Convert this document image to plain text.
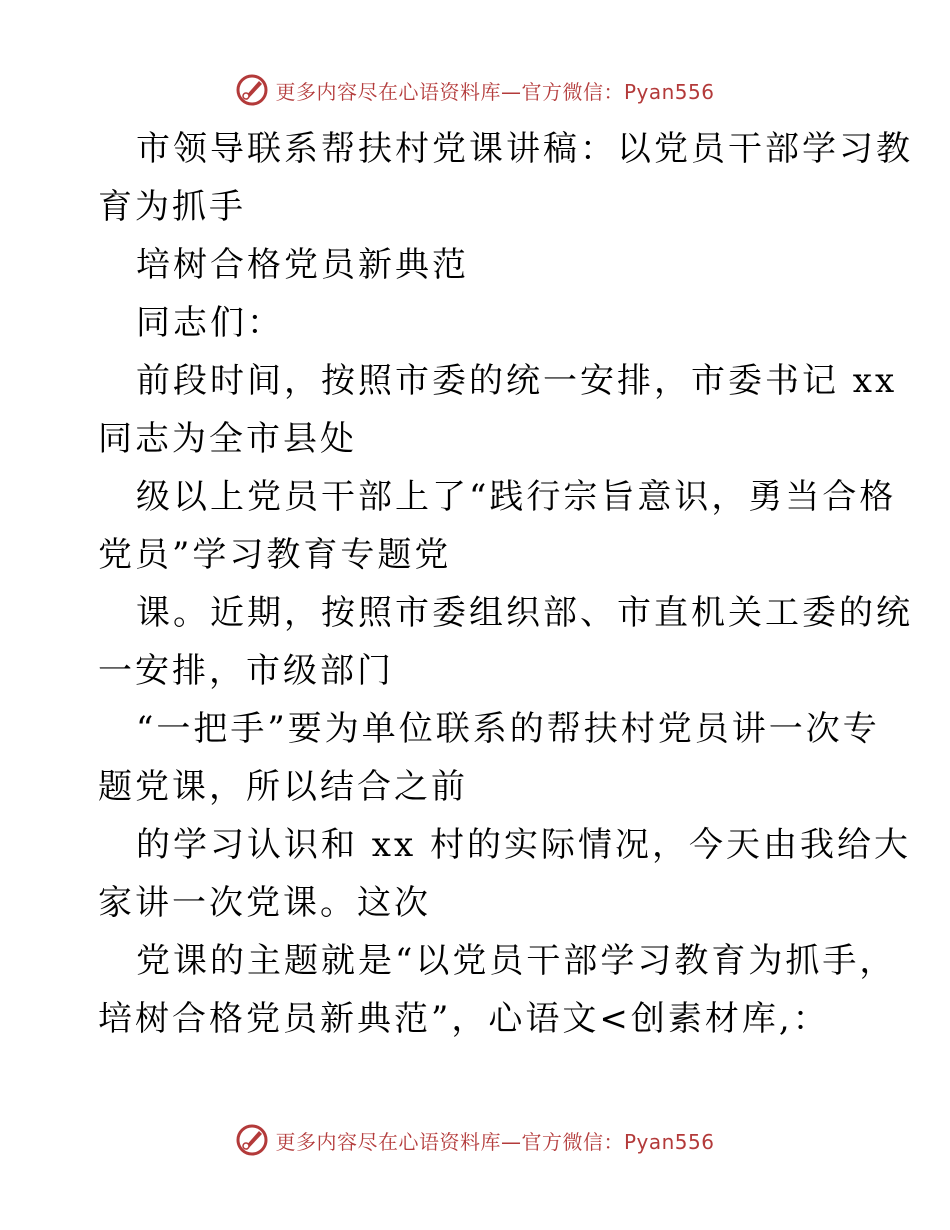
更多内容尽在心语资料库—官方微信：Pyan556

市领导联系帮扶村党课讲稿：以党员干部学习教
育为抓手
培树合格党员新典范
同志们：
前段时间，按照市委的统一安排，市委书记 xx
同志为全市县处
级以上党员干部上了“践行宗旨意识，勇当合格
党员”学习教育专题党
课。近期，按照市委组织部、市直机关工委的统
一安排，市级部门
“一把手”要为单位联系的帮扶村党员讲一次专
题党课，所以结合之前
的学习认识和 xx 村的实际情况，今天由我给大
家讲一次党课。这次
党课的主题就是“以党员干部学习教育为抓手，
培树合格党员新典范”，心语文<创素材库,：

更多内容尽在心语资料库—官方微信：Pyan556
